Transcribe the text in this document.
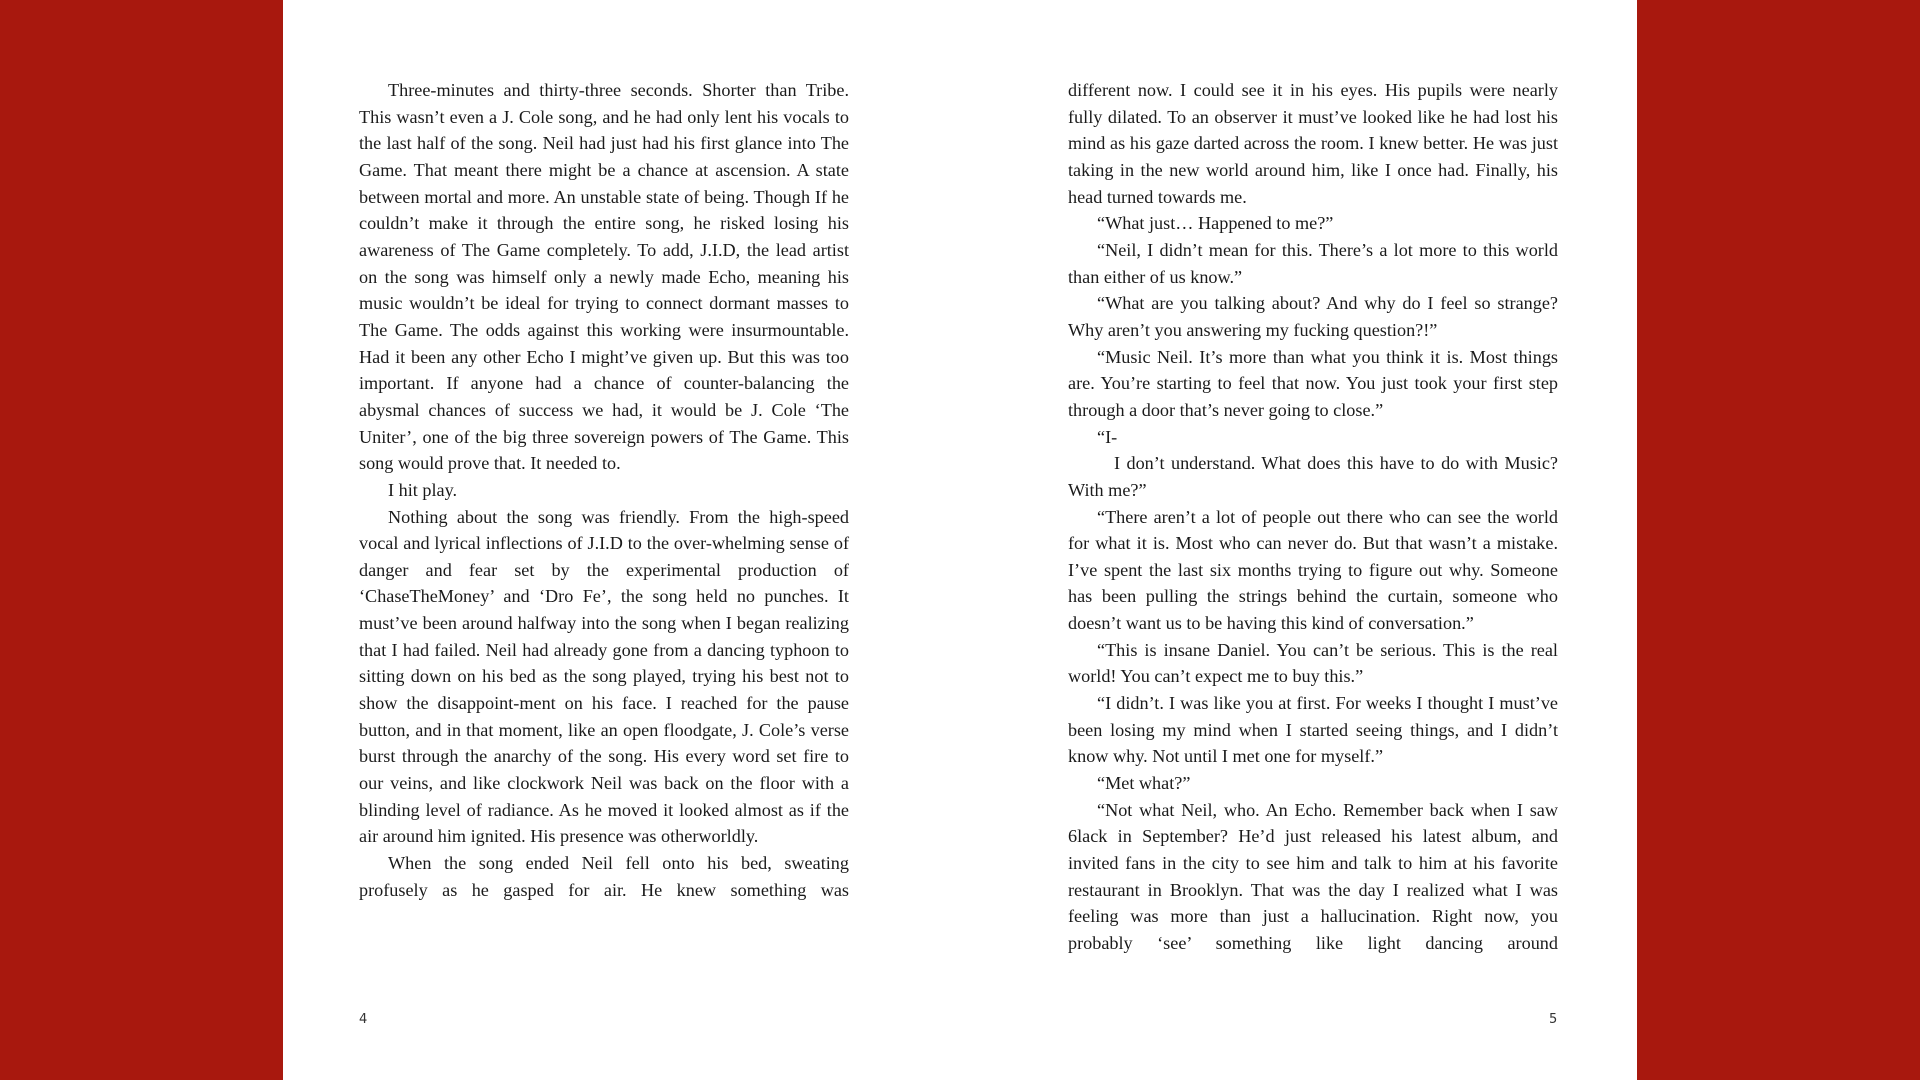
Three-minutes and thirty-three seconds. Shorter than Tribe. This wasn’t even a J. Cole song, and he had only lent his vocals to the last half of the song. Neil had just had his first glance into The Game. That meant there might be a chance at ascension. A state between mortal and more. An unstable state of being. Though If he couldn’t make it through the entire song, he risked losing his awareness of The Game completely. To add, J.I.D, the lead artist on the song was himself only a newly made Echo, meaning his music wouldn’t be ideal for trying to connect dormant masses to The Game. The odds against this working were insurmountable. Had it been any other Echo I might’ve given up. But this was too important. If anyone had a chance of counter-balancing the abysmal chances of success we had, it would be J. Cole ‘The Uniter’, one of the big three sovereign powers of The Game. This song would prove that. It needed to.

I hit play.

Nothing about the song was friendly. From the high-speed vocal and lyrical inflections of J.I.D to the over-whelming sense of danger and fear set by the experimental production of ‘ChaseTheMoney’ and ‘Dro Fe’, the song held no punches. It must’ve been around halfway into the song when I began realizing that I had failed. Neil had already gone from a dancing typhoon to sitting down on his bed as the song played, trying his best not to show the disappoint-ment on his face. I reached for the pause button, and in that moment, like an open floodgate, J. Cole’s verse burst through the anarchy of the song. His every word set fire to our veins, and like clockwork Neil was back on the floor with a blinding level of radiance. As he moved it looked almost as if the air around him ignited. His presence was otherworldly.

When the song ended Neil fell onto his bed, sweating profusely as he gasped for air. He knew something was

4

different now. I could see it in his eyes. His pupils were nearly fully dilated. To an observer it must’ve looked like he had lost his mind as his gaze darted across the room. I knew better. He was just taking in the new world around him, like I once had. Finally, his head turned towards me.

“What just… Happened to me?”

“Neil, I didn’t mean for this. There’s a lot more to this world than either of us know.”

“What are you talking about? And why do I feel so strange? Why aren’t you answering my fucking question?!”

“Music Neil. It’s more than what you think it is. Most things are. You’re starting to feel that now. You just took your first step through a door that’s never going to close.”

“I-

I don’t understand. What does this have to do with Music? With me?”

“There aren’t a lot of people out there who can see the world for what it is. Most who can never do. But that wasn’t a mistake. I’ve spent the last six months trying to figure out why. Someone has been pulling the strings behind the curtain, someone who doesn’t want us to be having this kind of conversation.”

“This is insane Daniel. You can’t be serious. This is the real world! You can’t expect me to buy this.”

“I didn’t. I was like you at first. For weeks I thought I must’ve been losing my mind when I started seeing things, and I didn’t know why. Not until I met one for myself.”

“Met what?”

“Not what Neil, who. An Echo. Remember back when I saw 6lack in September? He’d just released his latest album, and invited fans in the city to see him and talk to him at his favorite restaurant in Brooklyn. That was the day I realized what I was feeling was more than just a hallucination. Right now, you probably ‘see’ something like light dancing around

5
